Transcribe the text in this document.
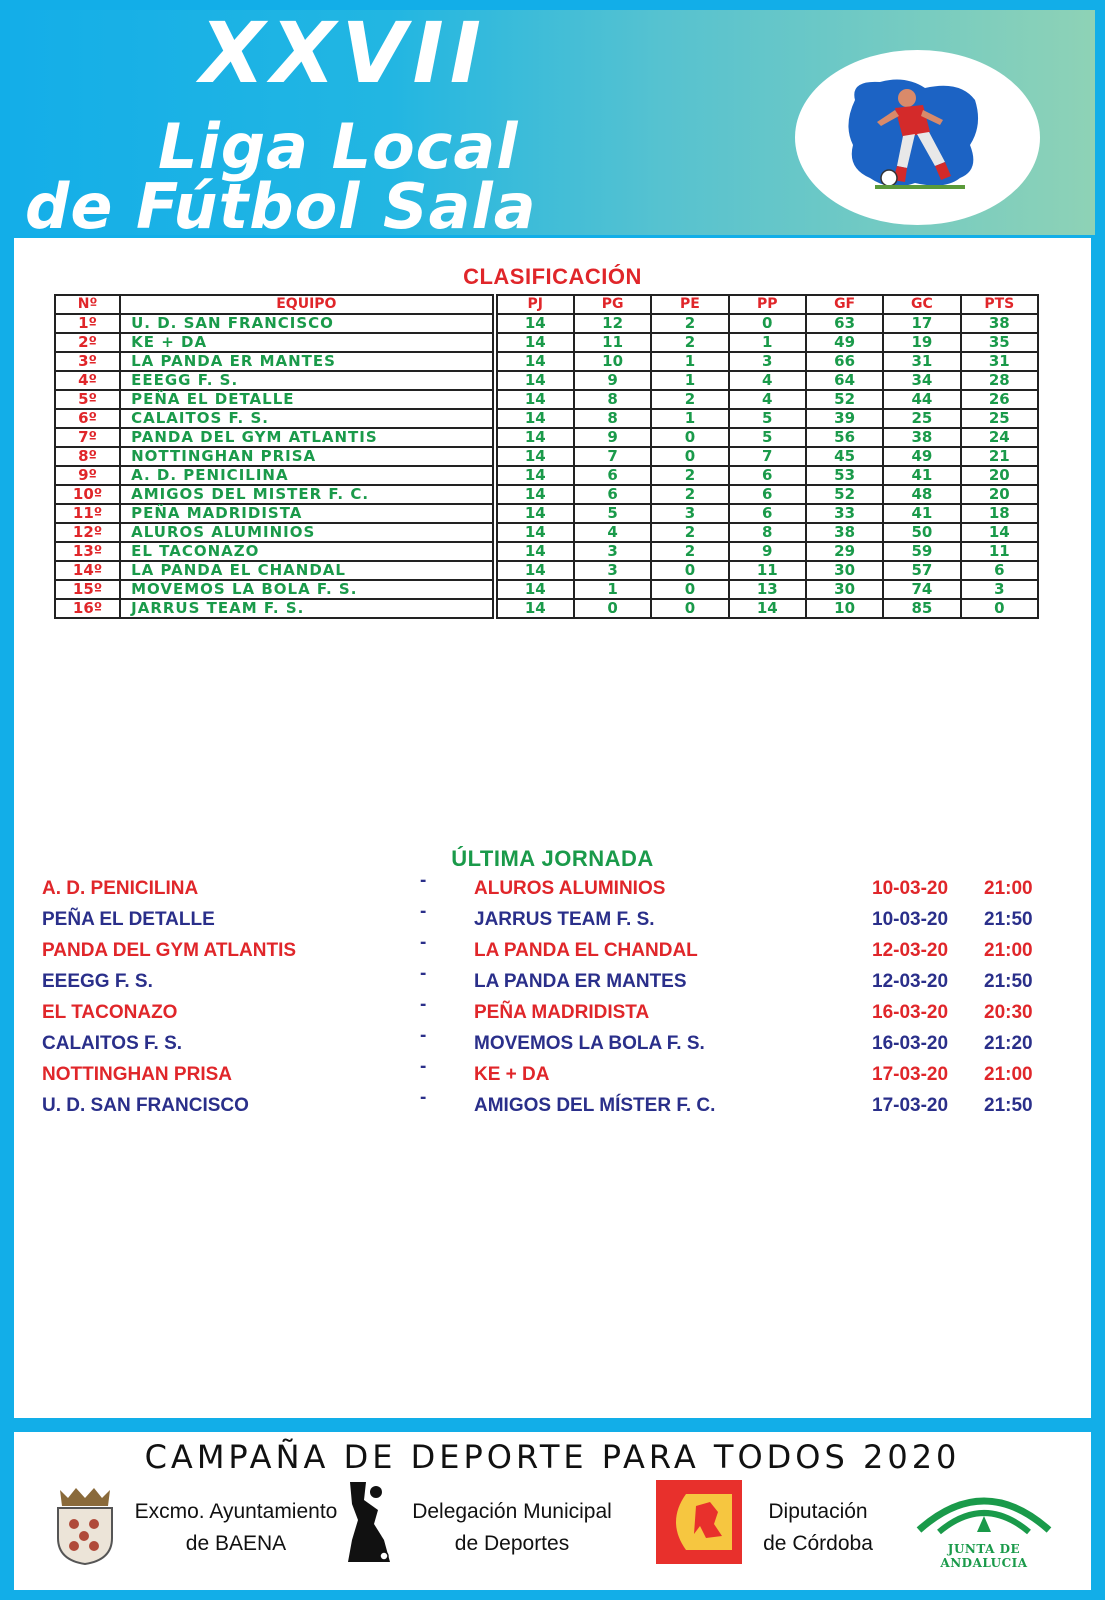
XXVII
Liga Local
de Fútbol Sala
CLASIFICACIÓN
Nº	EQUIPO		PJ	PG	PE	PP	GF	GC	PTS
1º	U. D. SAN FRANCISCO		14	12	2	0	63	17	38
2º	KE + DA		14	11	2	1	49	19	35
3º	LA PANDA ER MANTES		14	10	1	3	66	31	31
4º	EEEGG F. S.		14	9	1	4	64	34	28
5º	PEÑA EL DETALLE		14	8	2	4	52	44	26
6º	CALAITOS F. S.		14	8	1	5	39	25	25
7º	PANDA DEL GYM ATLANTIS		14	9	0	5	56	38	24
8º	NOTTINGHAN PRISA		14	7	0	7	45	49	21
9º	A. D. PENICILINA		14	6	2	6	53	41	20
10º	AMIGOS DEL MISTER F. C.		14	6	2	6	52	48	20
11º	PEÑA MADRIDISTA		14	5	3	6	33	41	18
12º	ALUROS ALUMINIOS		14	4	2	8	38	50	14
13º	EL TACONAZO		14	3	2	9	29	59	11
14º	LA PANDA EL CHANDAL		14	3	0	11	30	57	6
15º	MOVEMOS LA BOLA F. S.		14	1	0	13	30	74	3
16º	JARRUS TEAM F. S.		14	0	0	14	10	85	0
ÚLTIMA JORNADA
A. D. PENICILINA	-	ALUROS ALUMINIOS	10-03-20 21:00
PEÑA EL DETALLE	-	JARRUS TEAM F. S.	10-03-20 21:50
PANDA DEL GYM ATLANTIS	-	LA PANDA EL CHANDAL	12-03-20 21:00
EEEGG F. S.	-	LA PANDA ER MANTES	12-03-20 21:50
EL TACONAZO	-	PEÑA MADRIDISTA	16-03-20 20:30
CALAITOS F. S.	-	MOVEMOS LA BOLA F. S.	16-03-20 21:20
NOTTINGHAN PRISA	-	KE + DA	17-03-20 21:00
U. D. SAN FRANCISCO	-	AMIGOS DEL MÍSTER F. C.	17-03-20 21:50
CAMPAÑA DE DEPORTE PARA TODOS 2020
Excmo. Ayuntamiento
de BAENA
Delegación Municipal
de Deportes
Diputación
de Córdoba	JUNTA DE ANDALUCIA
